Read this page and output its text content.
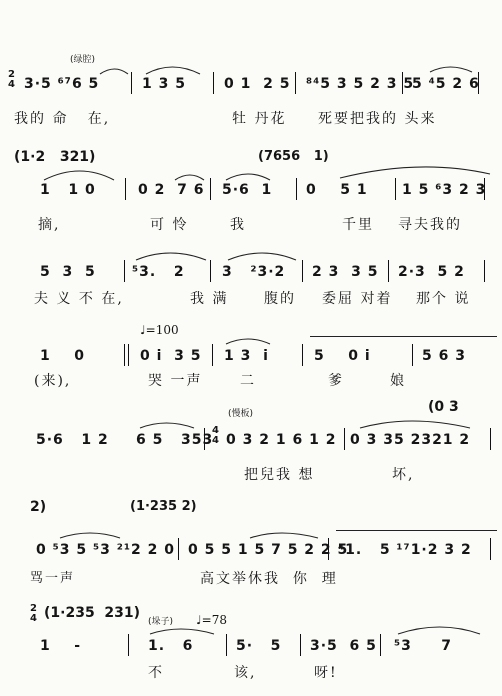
2
4
(绿腔)
3·5 ⁶⁷̄6 5	1 3 5	0 1  2 5 ⁸⁴5 3 5 2 3 5
5 ⁴5 2 6
我的 命   在,	牡 丹花 死要把我的 头来
(1·2   321)	(7656   1)
1   1 0	0 2  7 6 5·6  1 0    5 1 1 5 ⁶3 2 3
摘,	可 怜	我	千里 寻夫我的
5  3  5	⁵3.   2	3   ²3·2 2 3  3 5 2·3  5 2
夫 义 不 在,	我 满	腹的 委屈 对着 那个 说
♩=100
1    0	0 i  3 5 1 3  i	5    0 i	5 6 3
(来),	哭 一声	二	爹	娘
(慢板)	(0 3
5·6   1 2 6 5   353
4
4 0 3 2 1 6 1 2 0 3 35 2321 2
把兒我 想	坏,
2)	(1·235 2)
0 ⁵3 5 ⁵3 ²¹2 2 0 0 5 5 1 5 7 5 2 2 5
⁴1.   5 ¹⁷1·2 3 2
骂一声	高文举休我  你  理
2
4 (1·235  231)
(垛子) ♩=78
1    -	1.   6	5·   5 3·5  6 5 ⁵3     7
不	该,	呀!
